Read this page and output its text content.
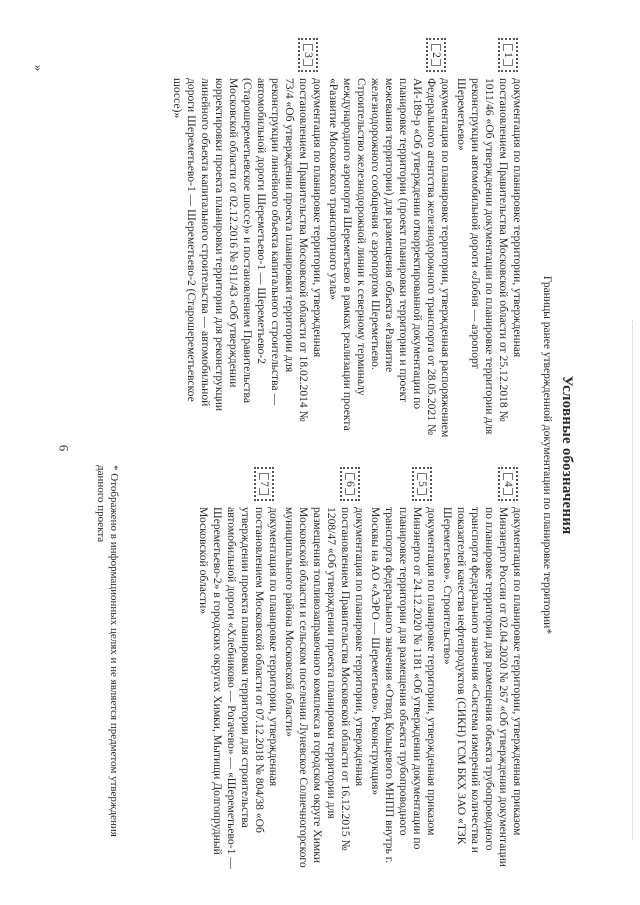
6
»
Условные обозначения
Границы ранее утвержденной документации по планировке территории*
1

документация по планировке территории, утвержденная постановлением Правительства Московской области от 25.12.2018 № 1011/46 «Об утверждении документации по планировке территории для реконструкции автомобильной дороги «Лобня — аэропорт Шереметьево»

2

документация по планировке территории, утвержденная распоряжением Федерального агентства железнодорожного транспорта от 28.05.2021 № АИ-189-р «Об утверждении откорректированной документации по планировке территории (проект планировки территории и проект межевания территории) для размещения объекта «Развитие железнодорожного сообщения с аэропортом Шереметьево. Строительство железнодорожной линии к северному терминалу международного аэропорта Шереметьево в рамках реализации проекта «Развитие Московского транспортного узла»

3

документация по планировке территории, утвержденная постановлением Правительства Московской области от 18.02.2014 № 73/4 «Об утверждении проекта планировки территории для реконструкции линейного объекта капитального строительства — автомобильной дороги Шереметьево-1 — Шереметьево-2 (Старошереметьевское шоссе)» и постановлением Правительства Московской области от 02.12.2016 № 911/43 «Об утверждении корректировки проекта планировки территории для реконструкции линейного объекта капитального строительства — автомобильной дороги Шереметьево-1 — Шереметьево-2 (Старошереметьевское шоссе)»

4

документация по планировке территории, утвержденная приказом Минэнерго России от 02.04.2020 № 267 «Об утверждении документации по планировке территории для размещения объекта трубопроводного транспорта федерального значения «Система измерений количества и показателей качества нефтепродуктов (СИКН) ГСМ БКХ ЗАО «ТЗК Шереметьево». Строительство»

5

документация по планировке территории, утвержденная приказом Минэнерго от 24.12.2020 № 1181 «Об утверждении документации по планировке территории для размещения объекта трубопроводного транспорта федерального значения «Отвод Кольцевого МНПП внутрь г. Москвы на АО «АЭРО — Шереметьево». Реконструкция»

6

документация по планировке территории, утвержденная постановлением Правительства Московской области от 16.12.2015 № 1208/47 «Об утверждении проекта планировки территории для размещения топливозаправочного комплекса в городском округе Химки Московской области и сельском поселении Луневское Солнечногорского муниципального района Московской области»

7

документация по планировке территории, утвержденная постановлением Московской области от 07.12.2018 № 804/38 «Об утверждении проекта планировки территории для строительства автомобильной дороги «Хлебниково — Рогачево» — «Шереметьево-1 — Шереметьево-2» в городских округах Химки, Мытищи Долгопрудный Московской области»

* Отображено в информационных целях и не является предметом утверждения данного проекта
